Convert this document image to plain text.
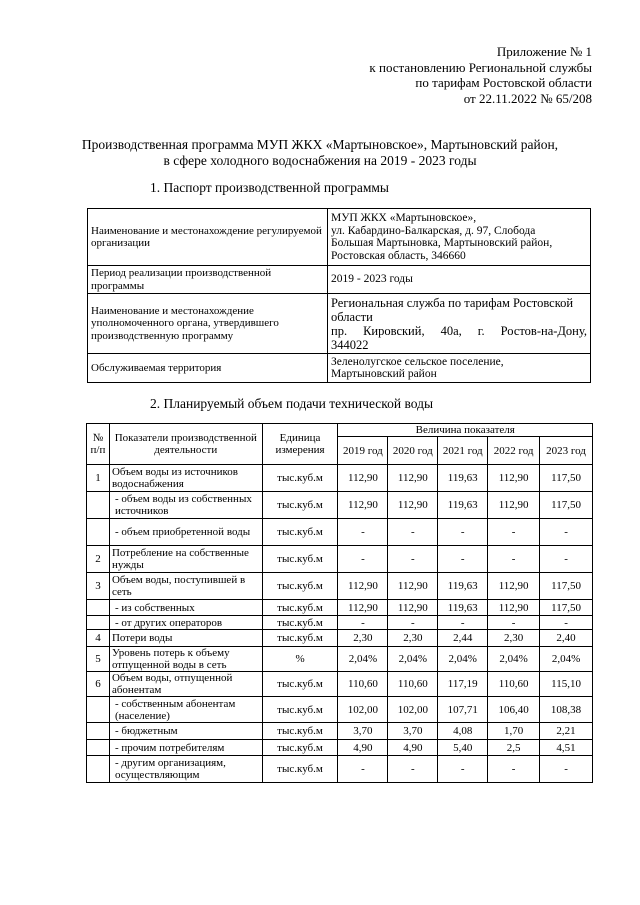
Приложение № 1
к постановлению Региональной службы
по тарифам Ростовской области
от 22.11.2022 № 65/208
Производственная программа МУП ЖКХ «Мартыновское», Мартыновский район,
в сфере холодного водоснабжения на 2019 - 2023 годы
1. Паспорт производственной программы
Наименование и местонахождение регулируемой организации	МУП ЖКХ «Мартыновское»,
ул. Кабардино-Балкарская, д. 97, Слобода
Большая Мартыновка, Мартыновский район,
Ростовская область, 346660

Период реализации производственной программы	2019 - 2023 годы
Наименование и местонахождение уполномоченного органа, утвердившего производственную программу	Региональная служба по тарифам Ростовской
области
пр. Кировский, 40а, г. Ростов-на-Дону,
344022

Обслуживаемая территория	Зеленолугское сельское поселение,
Мартыновский район
2. Планируемый объем подачи технической воды
№ п/п	Показатели производственной деятельности	Единица измерения	Величина показателя				
			2019 год	2020 год	2021 год	2022 год	2023 год
1	Объем воды из источников водоснабжения	тыс.куб.м	112,90	112,90	119,63	112,90	117,50
	- объем воды из собственных источников	тыс.куб.м	112,90	112,90	119,63	112,90	117,50
	- объем приобретенной воды	тыс.куб.м	-	-	-	-	-
2	Потребление на собственные нужды	тыс.куб.м	-	-	-	-	-
3	Объем воды, поступившей в сеть	тыс.куб.м	112,90	112,90	119,63	112,90	117,50
	- из собственных	тыс.куб.м	112,90	112,90	119,63	112,90	117,50
	- от других операторов	тыс.куб.м	-	-	-	-	-
4	Потери воды	тыс.куб.м	2,30	2,30	2,44	2,30	2,40
5	Уровень потерь к объему отпущенной воды в сеть	%	2,04%	2,04%	2,04%	2,04%	2,04%
6	Объем воды, отпущенной абонентам	тыс.куб.м	110,60	110,60	117,19	110,60	115,10
	- собственным абонентам (население)	тыс.куб.м	102,00	102,00	107,71	106,40	108,38
	- бюджетным	тыс.куб.м	3,70	3,70	4,08	1,70	2,21
	- прочим потребителям	тыс.куб.м	4,90	4,90	5,40	2,5	4,51
	- другим организациям, осуществляющим	тыс.куб.м	-	-	-	-	-
